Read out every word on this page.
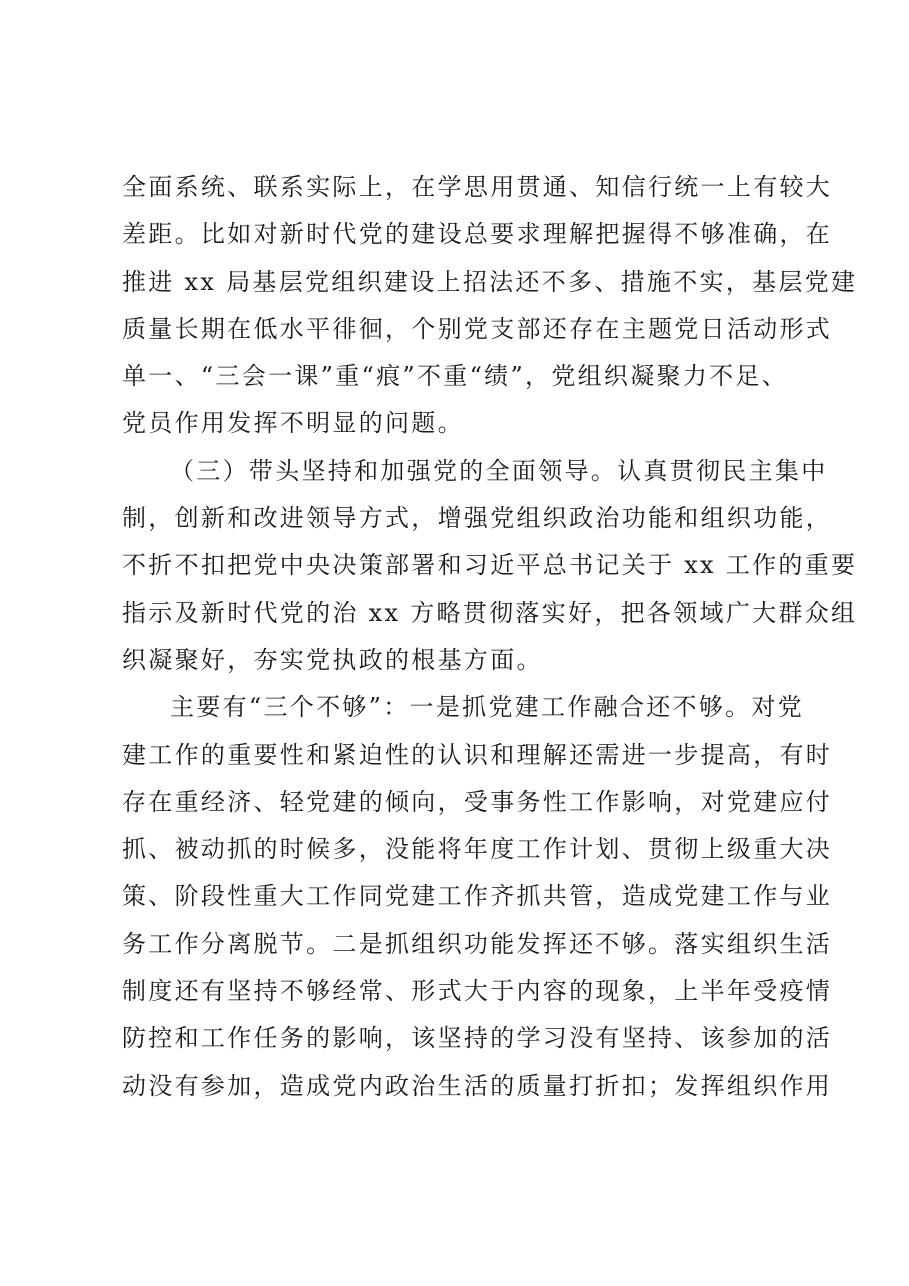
全面系统、联系实际上，在学思用贯通、知信行统一上有较大
差距。比如对新时代党的建设总要求理解把握得不够准确，在
推进 xx 局基层党组织建设上招法还不多、措施不实，基层党建
质量长期在低水平徘徊，个别党支部还存在主题党日活动形式
单一、“三会一课”重“痕”不重“绩”，党组织凝聚力不足、
党员作用发挥不明显的问题。
（三）带头坚持和加强党的全面领导。认真贯彻民主集中
制，创新和改进领导方式，增强党组织政治功能和组织功能，
不折不扣把党中央决策部署和习近平总书记关于 xx 工作的重要
指示及新时代党的治 xx 方略贯彻落实好，把各领域广大群众组
织凝聚好，夯实党执政的根基方面。
主要有“三个不够”：一是抓党建工作融合还不够。对党
建工作的重要性和紧迫性的认识和理解还需进一步提高，有时
存在重经济、轻党建的倾向，受事务性工作影响，对党建应付
抓、被动抓的时候多，没能将年度工作计划、贯彻上级重大决
策、阶段性重大工作同党建工作齐抓共管，造成党建工作与业
务工作分离脱节。二是抓组织功能发挥还不够。落实组织生活
制度还有坚持不够经常、形式大于内容的现象，上半年受疫情
防控和工作任务的影响，该坚持的学习没有坚持、该参加的活
动没有参加，造成党内政治生活的质量打折扣；发挥组织作用
